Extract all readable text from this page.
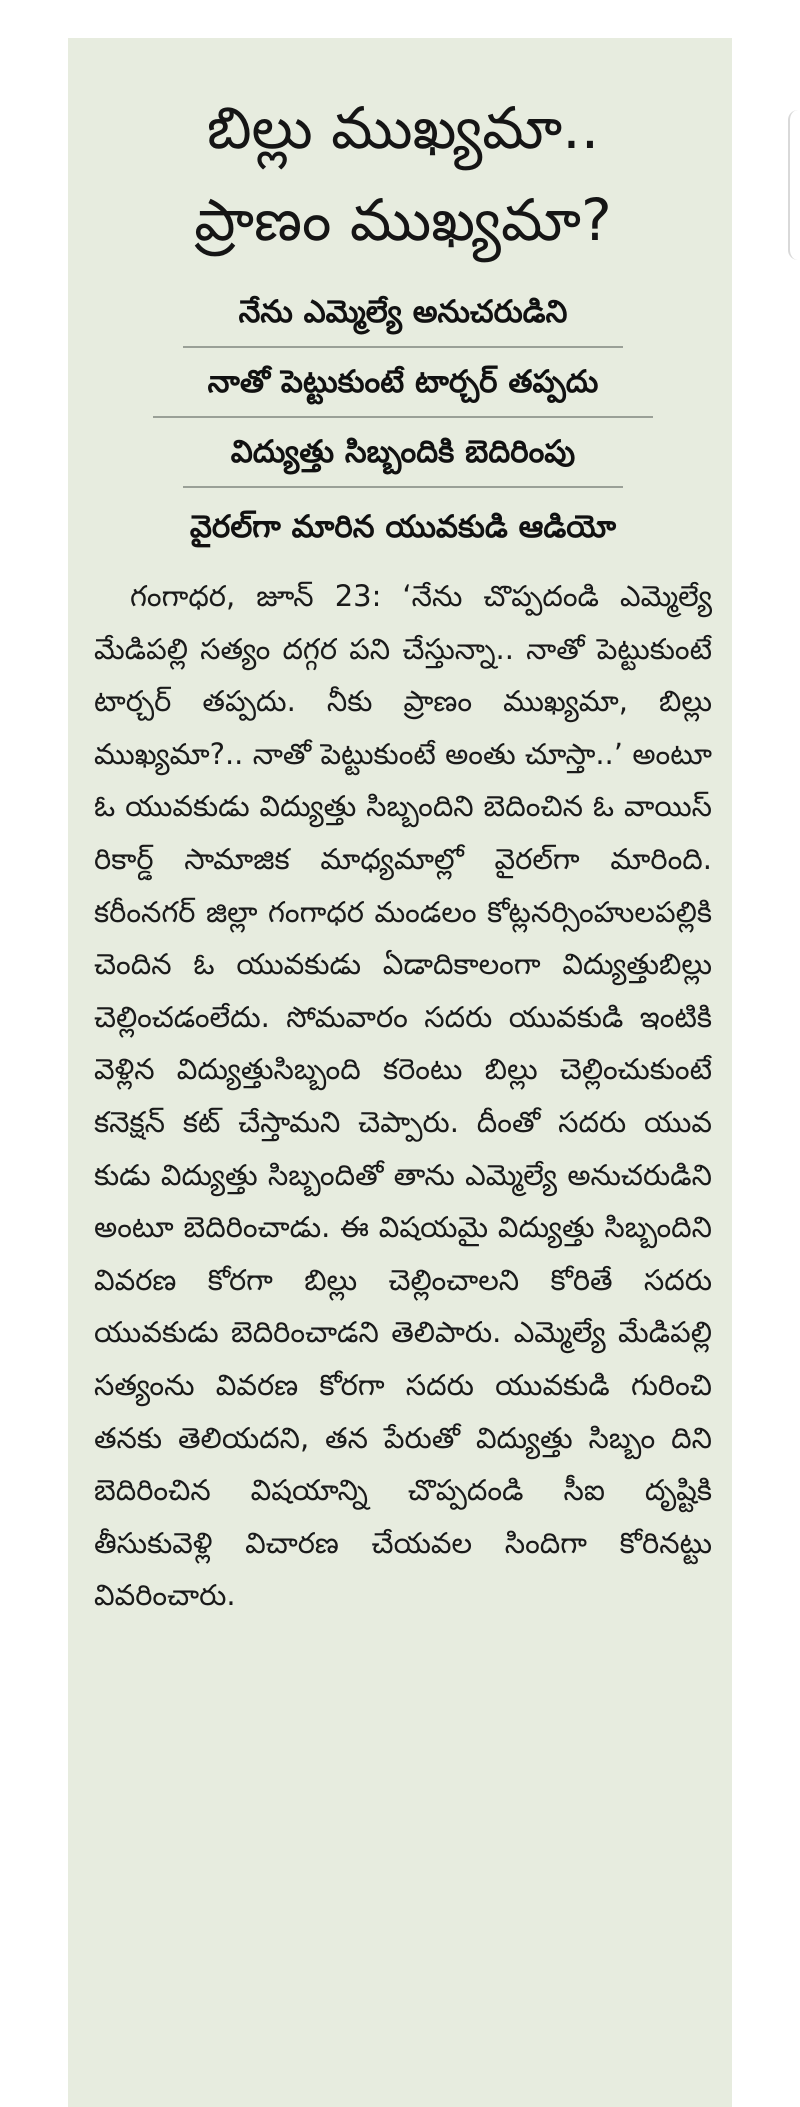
బిల్లు ముఖ్యమా..
ప్రాణం ముఖ్యమా?
నేను ఎమ్మెల్యే అనుచరుడిని
నాతో పెట్టుకుంటే టార్చర్ తప్పదు
విద్యుత్తు సిబ్బందికి బెదిరింపు
వైరల్‌గా మారిన యువకుడి ఆడియో

గంగాధర, జూన్ 23: ‘నేను చొప్పదండి ఎమ్మెల్యే మేడిపల్లి సత్యం దగ్గర పని చేస్తున్నా.. నాతో పెట్టుకుంటే టార్చర్ తప్పదు. నీకు ప్రాణం ముఖ్యమా, బిల్లు ముఖ్యమా?.. నాతో పెట్టుకుంటే అంతు చూస్తా..’ అంటూ ఓ యువకుడు విద్యుత్తు సిబ్బందిని బెదించిన ఓ వాయిస్ రికార్డ్ సామాజిక మాధ్యమాల్లో వైరల్‌గా మారింది. కరీంనగర్ జిల్లా గంగాధర మండలం కోట్లనర్సింహులపల్లికి చెందిన ఓ యువకుడు ఏడాదికాలంగా విద్యుత్తుబిల్లు చెల్లించడంలేదు. సోమవారం సదరు యువకుడి ఇంటికి వెళ్లిన విద్యుత్తుసిబ్బంది కరెంటు బిల్లు చెల్లించుకుంటే కనెక్షన్ కట్ చేస్తామని చెప్పారు. దీంతో సదరు యువ కుడు విద్యుత్తు సిబ్బందితో తాను ఎమ్మెల్యే అనుచరుడిని అంటూ బెదిరించాడు. ఈ విషయమై విద్యుత్తు సిబ్బందిని వివరణ కోరగా బిల్లు చెల్లించాలని కోరితే సదరు యువకుడు బెదిరించాడని తెలిపారు. ఎమ్మెల్యే మేడిపల్లి సత్యంను వివరణ కోరగా సదరు యువకుడి గురించి తనకు తెలియదని, తన పేరుతో విద్యుత్తు సిబ్బం దిని బెదిరించిన విషయాన్ని చొప్పదండి సీఐ దృష్టికి తీసుకువెళ్లి విచారణ చేయవల సిందిగా కోరినట్టు వివరించారు.
